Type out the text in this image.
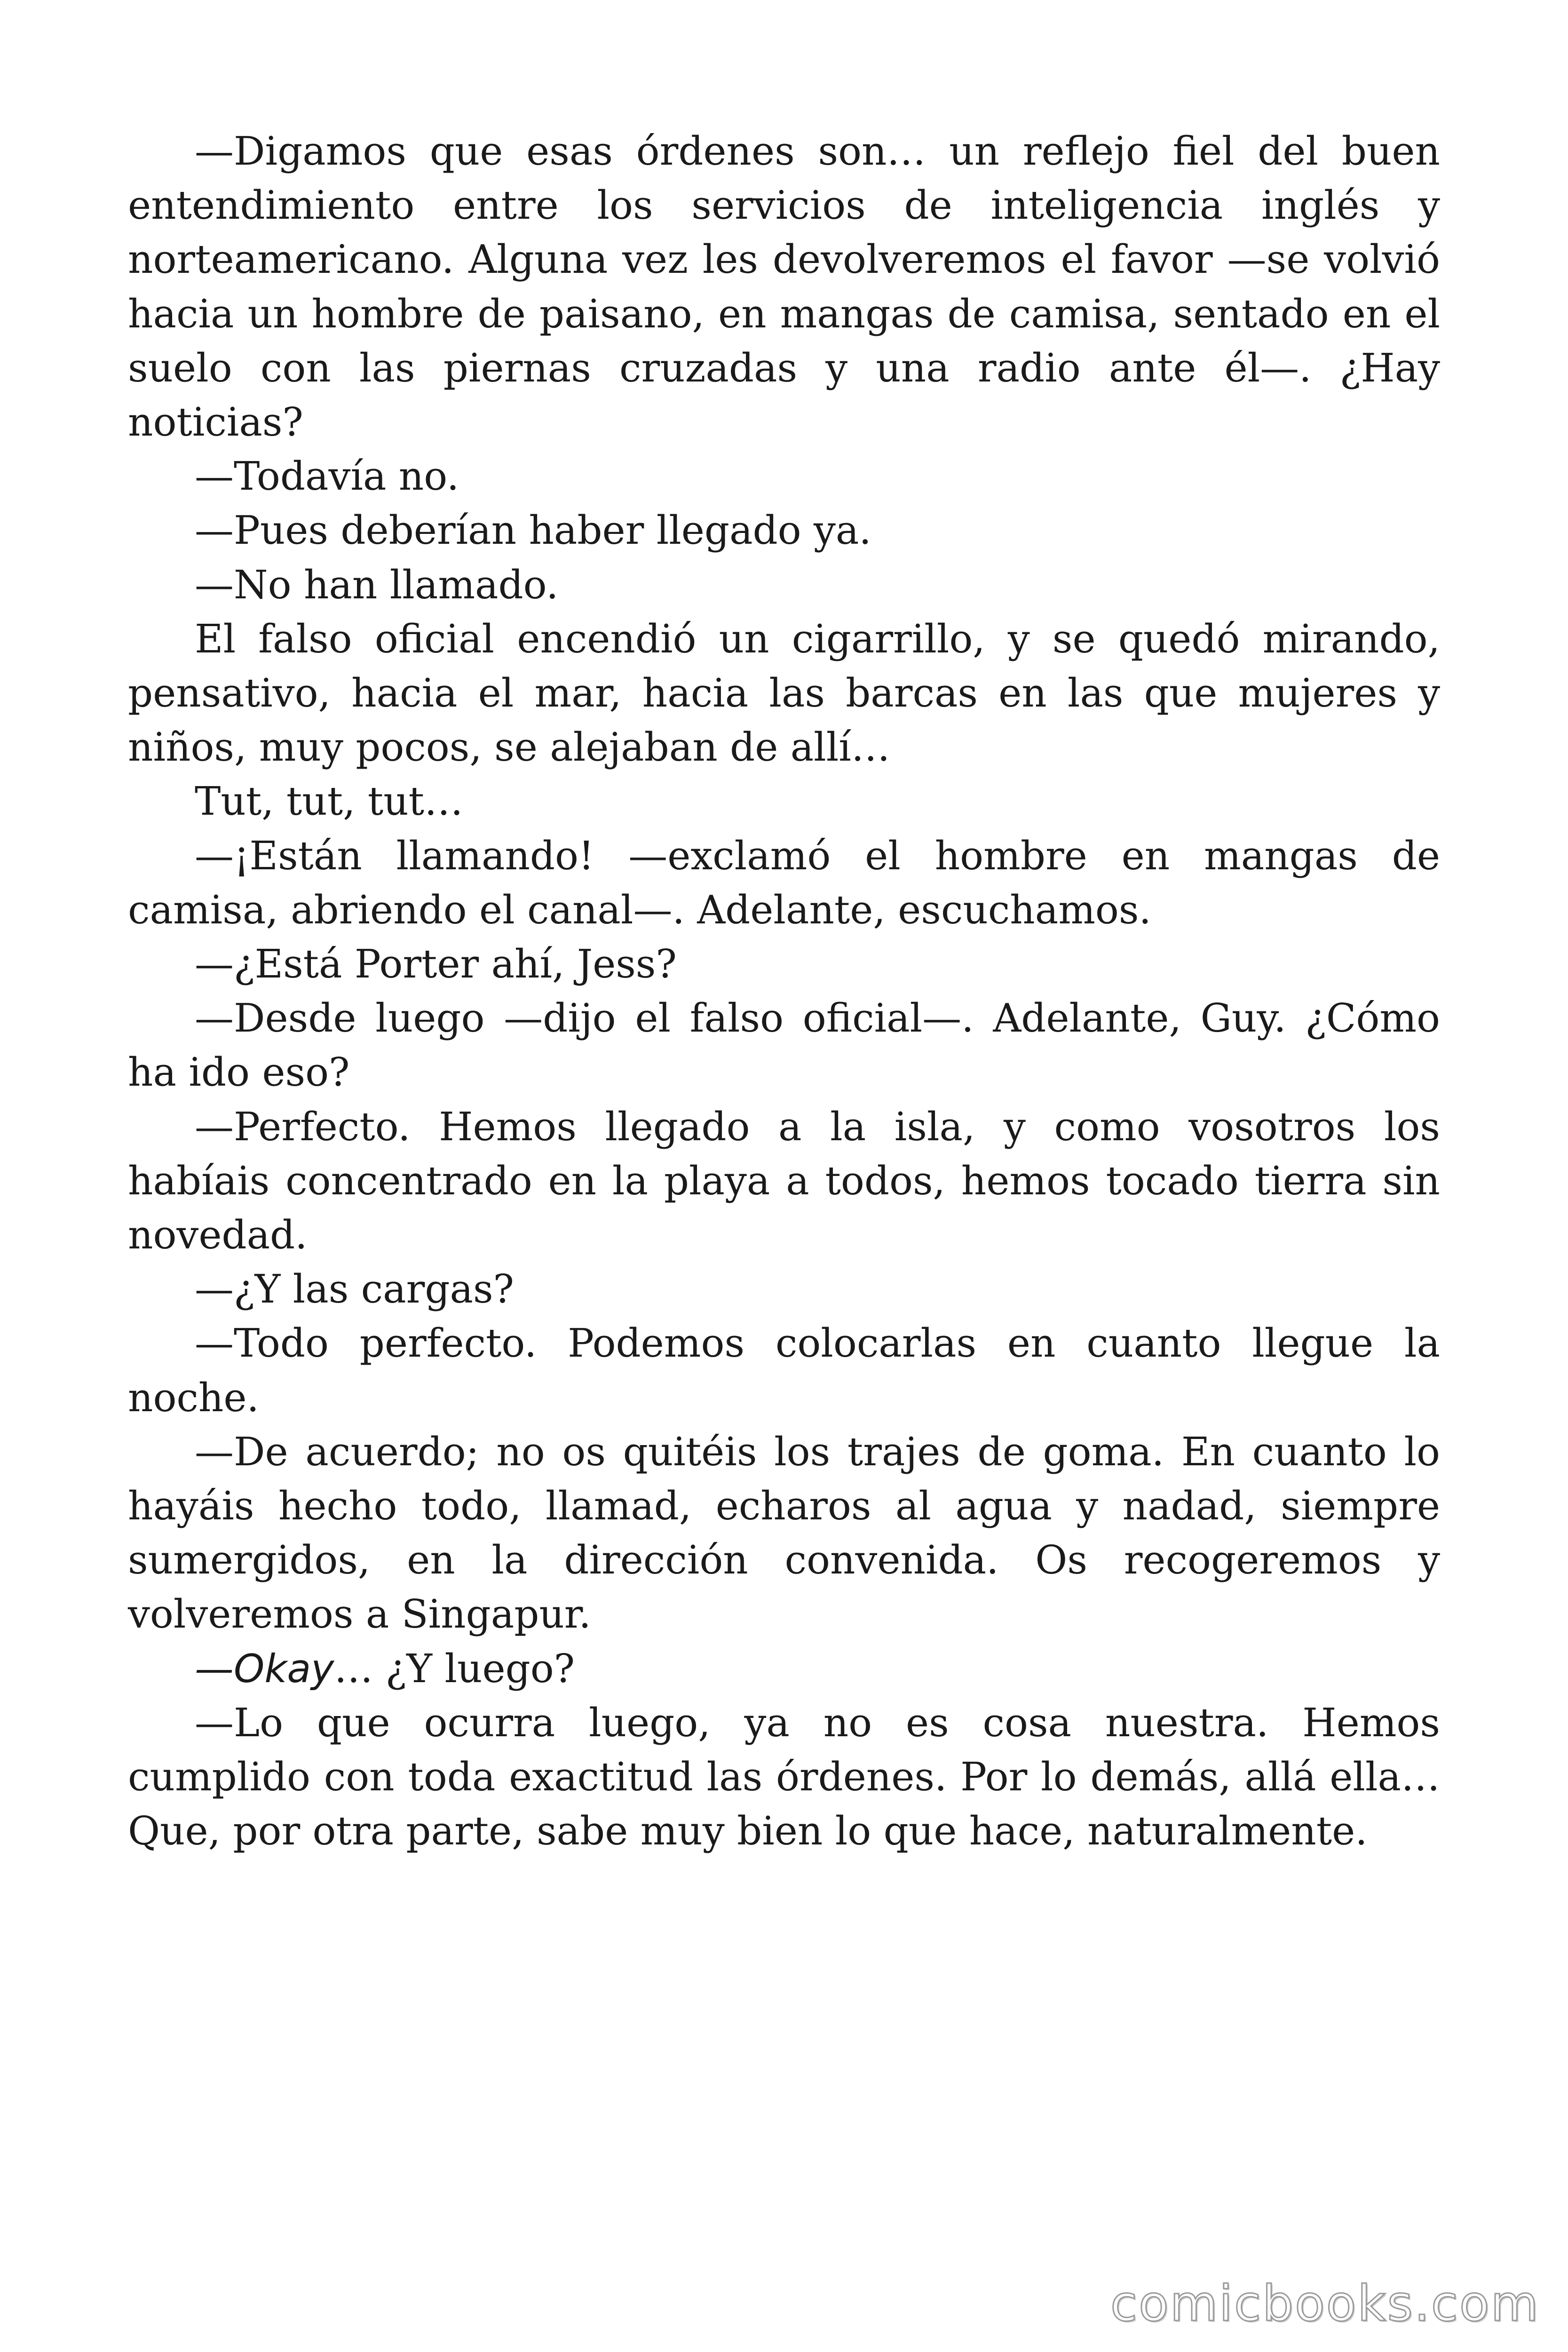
—Digamos que esas órdenes son… un reflejo fiel del buen entendimiento entre los servicios de inteligencia inglés y norteamericano. Alguna vez les devolveremos el favor —se volvió hacia un hombre de paisano, en mangas de camisa, sentado en el suelo con las piernas cruzadas y una radio ante él—. ¿Hay noticias?

—Todavía no.

—Pues deberían haber llegado ya.

—No han llamado.

El falso oficial encendió un cigarrillo, y se quedó mirando, pensativo, hacia el mar, hacia las barcas en las que mujeres y niños, muy pocos, se alejaban de allí…

Tut, tut, tut…

—¡Están llamando! —exclamó el hombre en mangas de camisa, abriendo el canal—. Adelante, escuchamos.

—¿Está Porter ahí, Jess?

—Desde luego —dijo el falso oficial—. Adelante, Guy. ¿Cómo ha ido eso?

—Perfecto. Hemos llegado a la isla, y como vosotros los habíais concentrado en la playa a todos, hemos tocado tierra sin novedad.

—¿Y las cargas?

—Todo perfecto. Podemos colocarlas en cuanto llegue la noche.

—De acuerdo; no os quitéis los trajes de goma. En cuanto lo hayáis hecho todo, llamad, echaros al agua y nadad, siempre sumergidos, en la dirección convenida. Os recogeremos y volveremos a Singapur.

—Okay… ¿Y luego?

—Lo que ocurra luego, ya no es cosa nuestra. Hemos cumplido con toda exactitud las órdenes. Por lo demás, allá ella… Que, por otra parte, sabe muy bien lo que hace, naturalmente.

comicbooks.com
